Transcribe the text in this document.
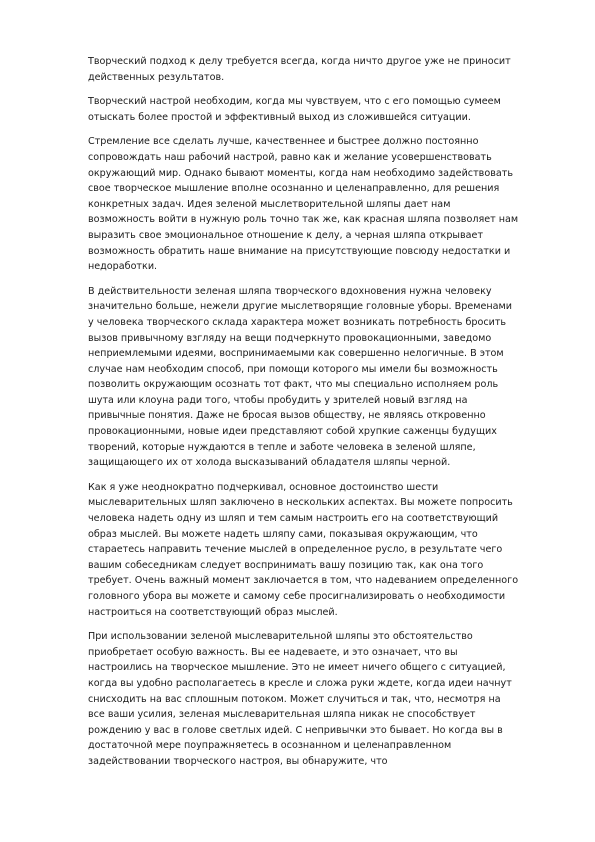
Творческий подход к делу требуется всегда, когда ничто другое уже не приносит действенных результатов.

Творческий настрой необходим, когда мы чувствуем, что с его помощью сумеем отыскать более простой и эффективный выход из сложившейся ситуации.

Стремление все сделать лучше, качественнее и быстрее должно постоянно сопровождать наш рабочий настрой, равно как и желание усовершенствовать окружающий мир. Однако бывают моменты, когда нам необходимо задействовать свое творческое мышление вполне осознанно и целенаправленно, для решения конкретных задач. Идея зеленой мыслетворительной шляпы дает нам возможность войти в нужную роль точно так же, как красная шляпа позволяет нам выразить свое эмоциональное отношение к делу, а черная шляпа открывает возможность обратить наше внимание на присутствующие повсюду недостатки и недоработки.

В действительности зеленая шляпа творческого вдохновения нужна человеку значительно больше, нежели другие мыслетворящие головные уборы. Временами у человека творческого склада характера может возникать потребность бросить вызов привычному взгляду на вещи подчеркнуто провокационными, заведомо неприемлемыми идеями, воспринимаемыми как совершенно нелогичные. В этом случае нам необходим способ, при помощи которого мы имели бы возможность позволить окружающим осознать тот факт, что мы специально исполняем роль шута или клоуна ради того, чтобы пробудить у зрителей новый взгляд на привычные понятия. Даже не бросая вызов обществу, не являясь откровенно провокационными, новые идеи представляют собой хрупкие саженцы будущих творений, которые нуждаются в тепле и заботе человека в зеленой шляпе, защищающего их от холода высказываний обладателя шляпы черной.

Как я уже неоднократно подчеркивал, основное достоинство шести мыслеварительных шляп заключено в нескольких аспектах. Вы можете попросить человека надеть одну из шляп и тем самым настроить его на соответствующий образ мыслей. Вы можете надеть шляпу сами, показывая окружающим, что стараетесь направить течение мыслей в определенное русло, в результате чего вашим собеседникам следует воспринимать вашу позицию так, как она того требует. Очень важный момент заключается в том, что надеванием определенного головного убора вы можете и самому себе просигнализировать о необходимости настроиться на соответствующий образ мыслей.

При использовании зеленой мыслеварительной шляпы это обстоятельство приобретает особую важность. Вы ее надеваете, и это означает, что вы настроились на творческое мышление. Это не имеет ничего общего с ситуацией, когда вы удобно располагаетесь в кресле и сложа руки ждете, когда идеи начнут снисходить на вас сплошным потоком. Может случиться и так, что, несмотря на все ваши усилия, зеленая мыслеварительная шляпа никак не способствует рождению у вас в голове светлых идей. С непривычки это бывает. Но когда вы в достаточной мере поупражняетесь в осознанном и целенаправленном задействовании творческого настроя, вы обнаружите, что
